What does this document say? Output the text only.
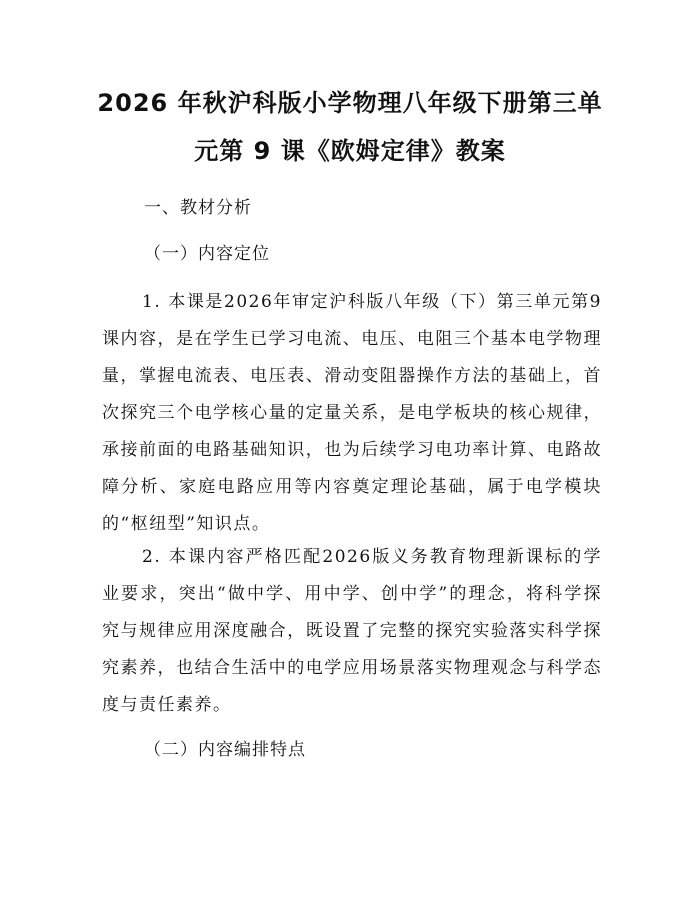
2026 年秋沪科版小学物理八年级下册第三单
元第 9 课《欧姆定律》教案
一、教材分析
（一）内容定位

1. 本课是2026年审定沪科版八年级（下）第三单元第9课内容，是在学生已学习电流、电压、电阻三个基本电学物理量，掌握电流表、电压表、滑动变阻器操作方法的基础上，首次探究三个电学核心量的定量关系，是电学板块的核心规律，承接前面的电路基础知识，也为后续学习电功率计算、电路故障分析、家庭电路应用等内容奠定理论基础，属于电学模块的“枢纽型”知识点。

2. 本课内容严格匹配2026版义务教育物理新课标的学业要求，突出“做中学、用中学、创中学”的理念，将科学探究与规律应用深度融合，既设置了完整的探究实验落实科学探究素养，也结合生活中的电学应用场景落实物理观念与科学态度与责任素养。

（二）内容编排特点
